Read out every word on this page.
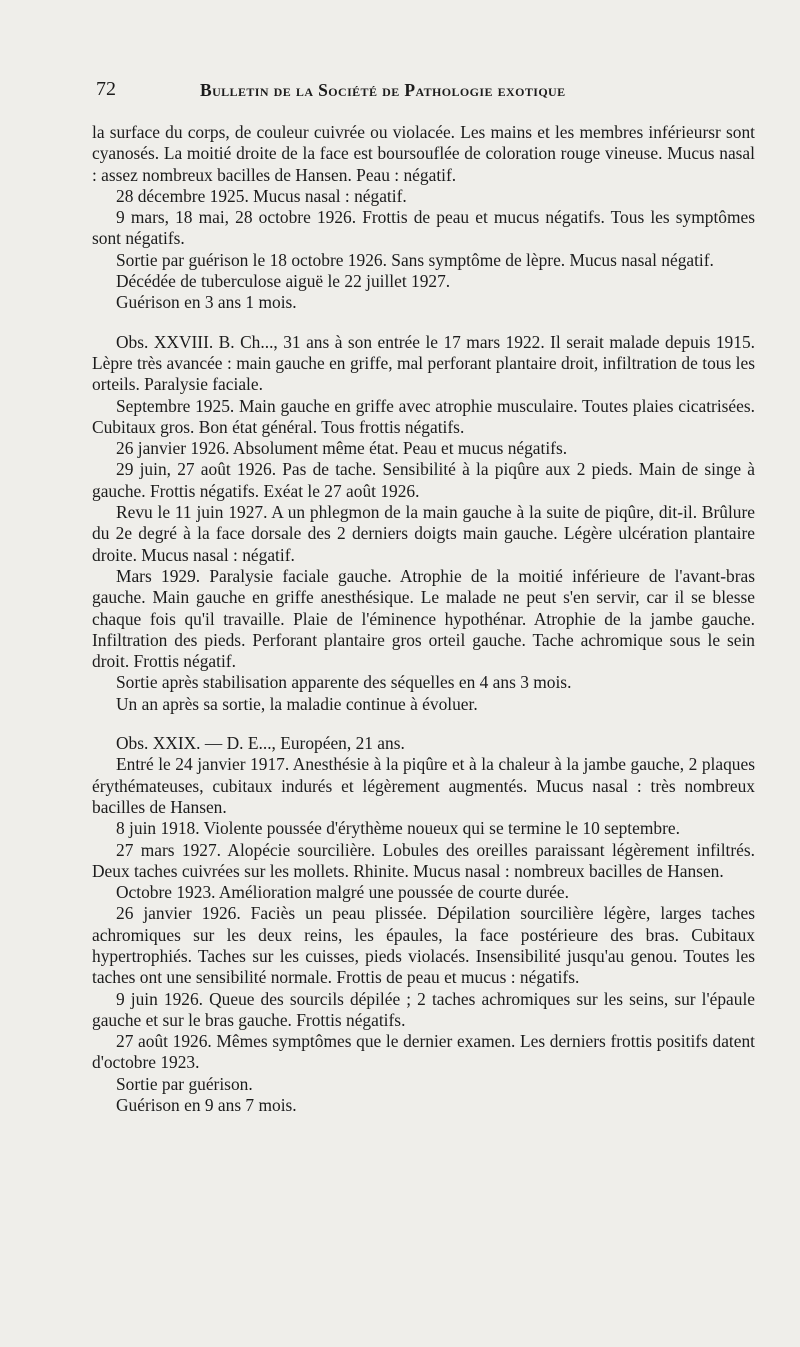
72	Bulletin de la Société de Pathologie exotique

la surface du corps, de couleur cuivrée ou violacée. Les mains et les membres inférieursr sont cyanosés. La moitié droite de la face est boursouflée de coloration rouge vineuse. Mucus nasal : assez nombreux bacilles de Hansen. Peau : négatif.

28 décembre 1925. Mucus nasal : négatif.

9 mars, 18 mai, 28 octobre 1926. Frottis de peau et mucus négatifs. Tous les symptômes sont négatifs.

Sortie par guérison le 18 octobre 1926. Sans symptôme de lèpre. Mucus nasal négatif.

Décédée de tuberculose aiguë le 22 juillet 1927.

Guérison en 3 ans 1 mois.

Obs. XXVIII. B. Ch..., 31 ans à son entrée le 17 mars 1922. Il serait malade depuis 1915. Lèpre très avancée : main gauche en griffe, mal perforant plantaire droit, infiltration de tous les orteils. Paralysie faciale.

Septembre 1925. Main gauche en griffe avec atrophie musculaire. Toutes plaies cicatrisées. Cubitaux gros. Bon état général. Tous frottis négatifs.

26 janvier 1926. Absolument même état. Peau et mucus négatifs.

29 juin, 27 août 1926. Pas de tache. Sensibilité à la piqûre aux 2 pieds. Main de singe à gauche. Frottis négatifs. Exéat le 27 août 1926.

Revu le 11 juin 1927. A un phlegmon de la main gauche à la suite de piqûre, dit-il. Brûlure du 2e degré à la face dorsale des 2 derniers doigts main gauche. Légère ulcération plantaire droite. Mucus nasal : négatif.

Mars 1929. Paralysie faciale gauche. Atrophie de la moitié inférieure de l'avant-bras gauche. Main gauche en griffe anesthésique. Le malade ne peut s'en servir, car il se blesse chaque fois qu'il travaille. Plaie de l'éminence hypothénar. Atrophie de la jambe gauche. Infiltration des pieds. Perforant plantaire gros orteil gauche. Tache achromique sous le sein droit. Frottis négatif.

Sortie après stabilisation apparente des séquelles en 4 ans 3 mois.

Un an après sa sortie, la maladie continue à évoluer.

Obs. XXIX. — D. E..., Européen, 21 ans.

Entré le 24 janvier 1917. Anesthésie à la piqûre et à la chaleur à la jambe gauche, 2 plaques érythémateuses, cubitaux indurés et légèrement augmentés. Mucus nasal : très nombreux bacilles de Hansen.

8 juin 1918. Violente poussée d'érythème noueux qui se termine le 10 septembre.

27 mars 1927. Alopécie sourcilière. Lobules des oreilles paraissant légèrement infiltrés. Deux taches cuivrées sur les mollets. Rhinite. Mucus nasal : nombreux bacilles de Hansen.

Octobre 1923. Amélioration malgré une poussée de courte durée.

26 janvier 1926. Faciès un peau plissée. Dépilation sourcilière légère, larges taches achromiques sur les deux reins, les épaules, la face postérieure des bras. Cubitaux hypertrophiés. Taches sur les cuisses, pieds violacés. Insensibilité jusqu'au genou. Toutes les taches ont une sensibilité normale. Frottis de peau et mucus : négatifs.

9 juin 1926. Queue des sourcils dépilée ; 2 taches achromiques sur les seins, sur l'épaule gauche et sur le bras gauche. Frottis négatifs.

27 août 1926. Mêmes symptômes que le dernier examen. Les derniers frottis positifs datent d'octobre 1923.

Sortie par guérison.

Guérison en 9 ans 7 mois.
